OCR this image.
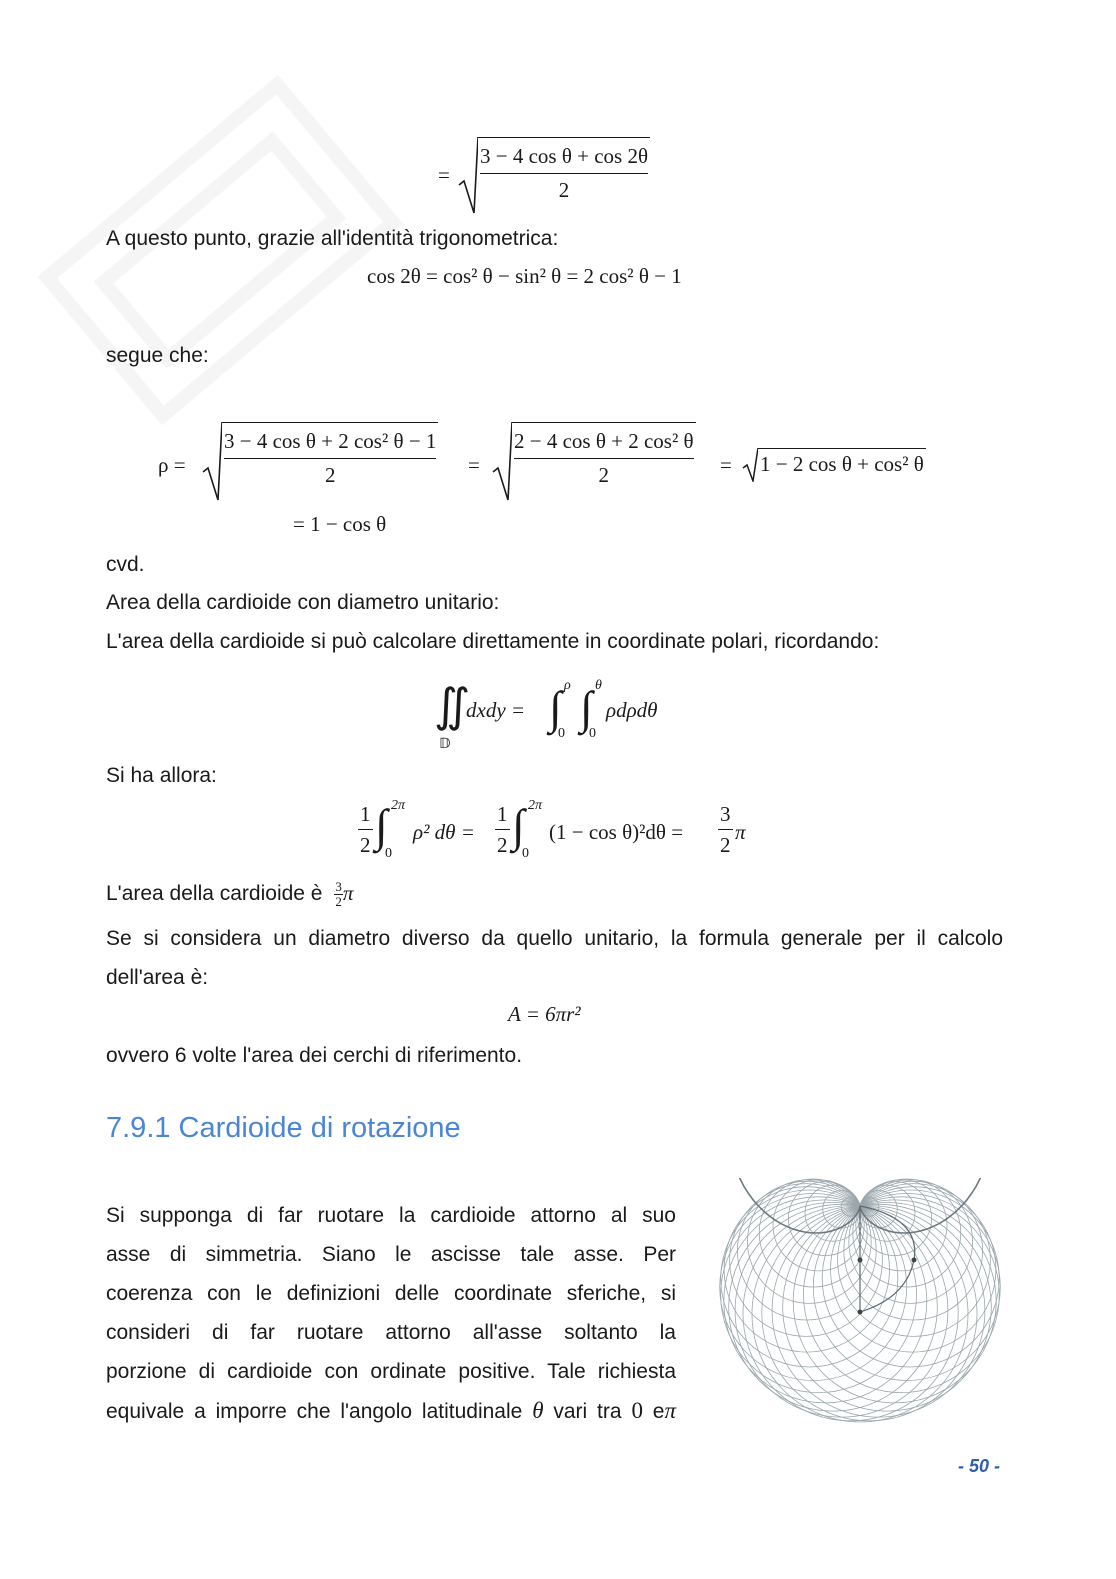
= $\frac{\text{3 − 4 cos θ + cos 2θ}}{2}$
A questo punto, grazie all'identità trigonometrica:
cos 2θ = cos² θ − sin² θ = 2 cos² θ − 1
segue che:
$\rho = \frac{\text{3 − 4 cos θ + 2 cos² θ − 1}}{2} = \frac{\text{2 − 4 cos θ + 2 cos² θ}}{2} = 1 - 2$ cos θ + cos² θ
= 1 − cos θ
cvd.
Area della cardioide con diametro unitario:
L'area della cardioide si può calcolare direttamente in coordinate polari, ricordando:
∬
𝔻
dxdy = ∫ ρ
0
∫ θ
0
ρdρdθ
Si ha allora:
$\frac{1}{2}$ ∫ 2π
0
ρ² $d\theta = \frac{1}{2}$ ∫ 2π
0
$(1 - \cos \theta)^2d\theta = \frac{3}{2}$ π
L'area della cardioide è $\frac{3}{2}$ π
Se si considera un diametro diverso da quello unitario, la formula generale per il calcolo
dell'area è:
A = 6πr²
ovvero 6 volte l'area dei cerchi di riferimento.
7.9.1 Cardioide di rotazione
Si supponga di far ruotare la cardioide attorno al suo
asse di simmetria. Siano le ascisse tale asse. Per
coerenza con le definizioni delle coordinate sferiche, si
consideri di far ruotare attorno all'asse soltanto la
porzione di cardioide con ordinate positive. Tale richiesta
equivale a imporre che l'angolo latitudinale θ vari tra 0 eπ
- 50 -
